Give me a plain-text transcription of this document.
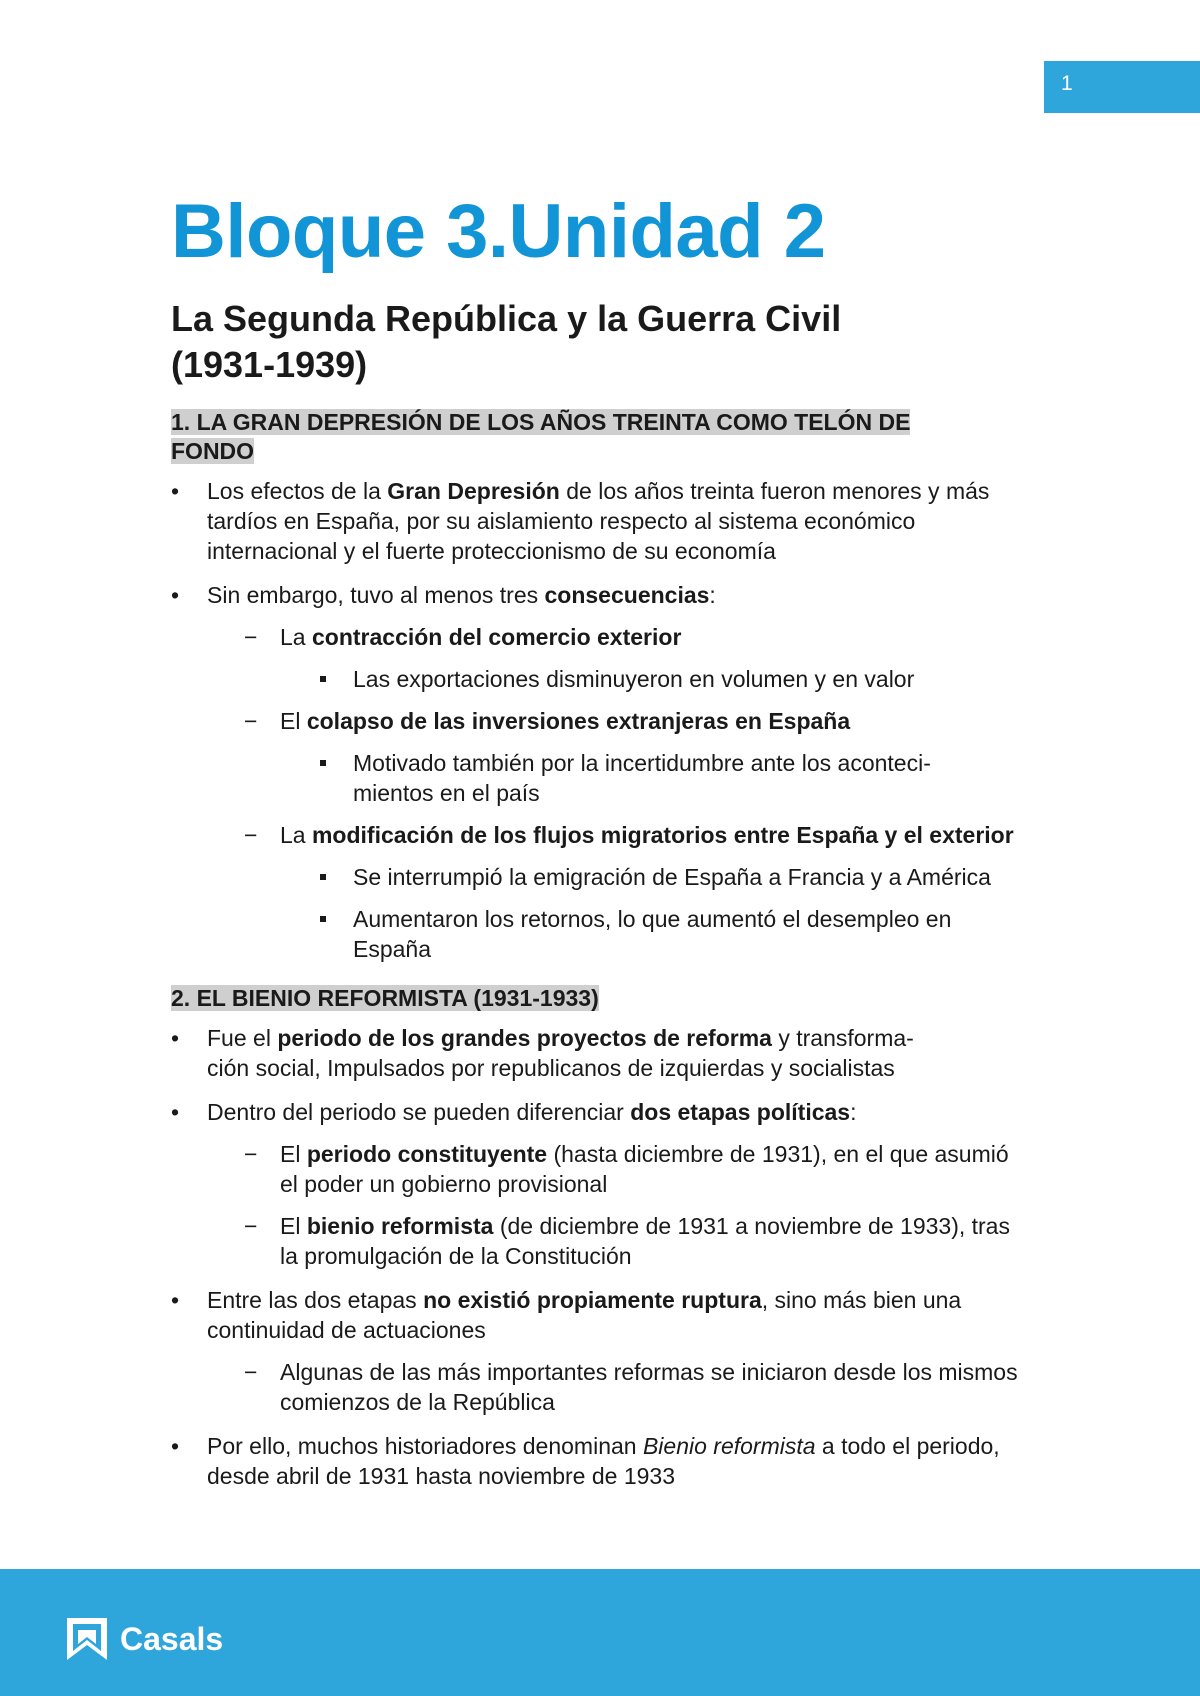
1
Bloque 3.Unidad 2
La Segunda República y la Guerra Civil
(1931-1939)
1. LA GRAN DEPRESIÓN DE LOS AÑOS TREINTA COMO TELÓN DE
FONDO
• Los efectos de la Gran Depresión de los años treinta fueron menores y más tardíos en España, por su aislamiento respecto al sistema económico internacional y el fuerte proteccionismo de su economía
• Sin embargo, tuvo al menos tres consecuencias:
− La contracción del comercio exterior
Las exportaciones disminuyeron en volumen y en valor
− El colapso de las inversiones extranjeras en España
Motivado también por la incertidumbre ante los aconteci-
mientos en el país
− La modificación de los flujos migratorios entre España y el exterior
Se interrumpió la emigración de España a Francia y a América
Aumentaron los retornos, lo que aumentó el desempleo en España
2. EL BIENIO REFORMISTA (1931-1933)
• Fue el periodo de los grandes proyectos de reforma y transforma-
ción social, Impulsados por republicanos de izquierdas y socialistas
• Dentro del periodo se pueden diferenciar dos etapas políticas:
− El periodo constituyente (hasta diciembre de 1931), en el que asumió el poder un gobierno provisional
− El bienio reformista (de diciembre de 1931 a noviembre de 1933), tras la promulgación de la Constitución
• Entre las dos etapas no existió propiamente ruptura, sino más bien una continuidad de actuaciones
− Algunas de las más importantes reformas se iniciaron desde los mismos comienzos de la República
• Por ello, muchos historiadores denominan Bienio reformista a todo el periodo, desde abril de 1931 hasta noviembre de 1933
Casals
